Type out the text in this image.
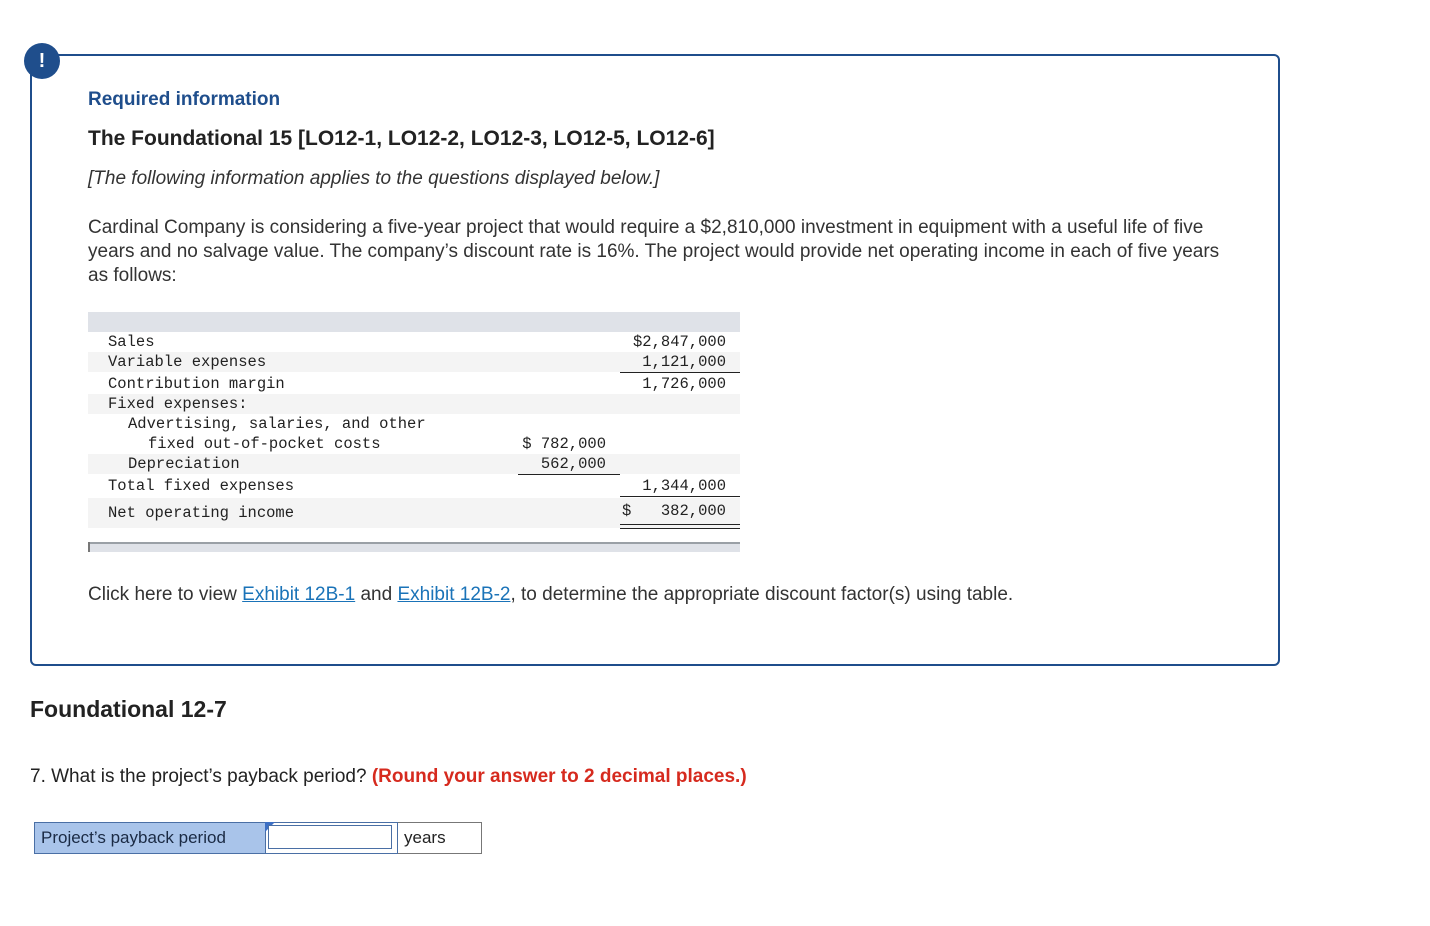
!
Required information
The Foundational 15 [LO12-1, LO12-2, LO12-3, LO12-5, LO12-6]
[The following information applies to the questions displayed below.]
Cardinal Company is considering a five-year project that would require a $2,810,000 investment in equipment with a useful life of five years and no salvage value. The company’s discount rate is 16%. The project would provide net operating income in each of five years as follows:
Sales	$2,847,000
Variable expenses	1,121,000
Contribution margin	1,726,000
Fixed expenses:
Advertising, salaries, and other
fixed out-of-pocket costs	$ 782,000
Depreciation	562,000
Total fixed expenses	1,344,000
Net operating income	$ 382,000
Click here to view Exhibit 12B-1 and Exhibit 12B-2, to determine the appropriate discount factor(s) using table.
Foundational 12-7
7. What is the project’s payback period? (Round your answer to 2 decimal places.)
Project’s payback period	years
